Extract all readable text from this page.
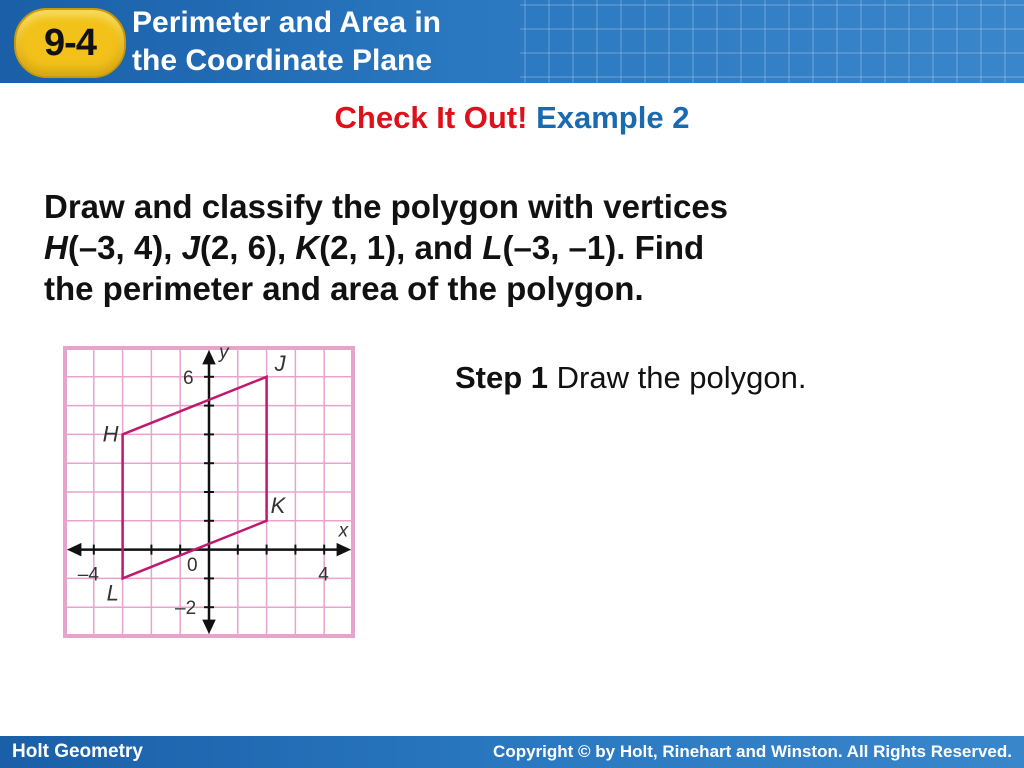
9-4 Perimeter and Area in
the Coordinate Plane
Check It Out! Example 2
Draw and classify the polygon with vertices
H(–3, 4), J(2, 6), K(2, 1), and L(–3, –1). Find
the perimeter and area of the polygon.
Step 1 Draw the polygon.
x
y
–4	4
0
6
–2
H
J
K
L
Holt Geometry	Copyright © by Holt, Rinehart and Winston. All Rights Reserved.
